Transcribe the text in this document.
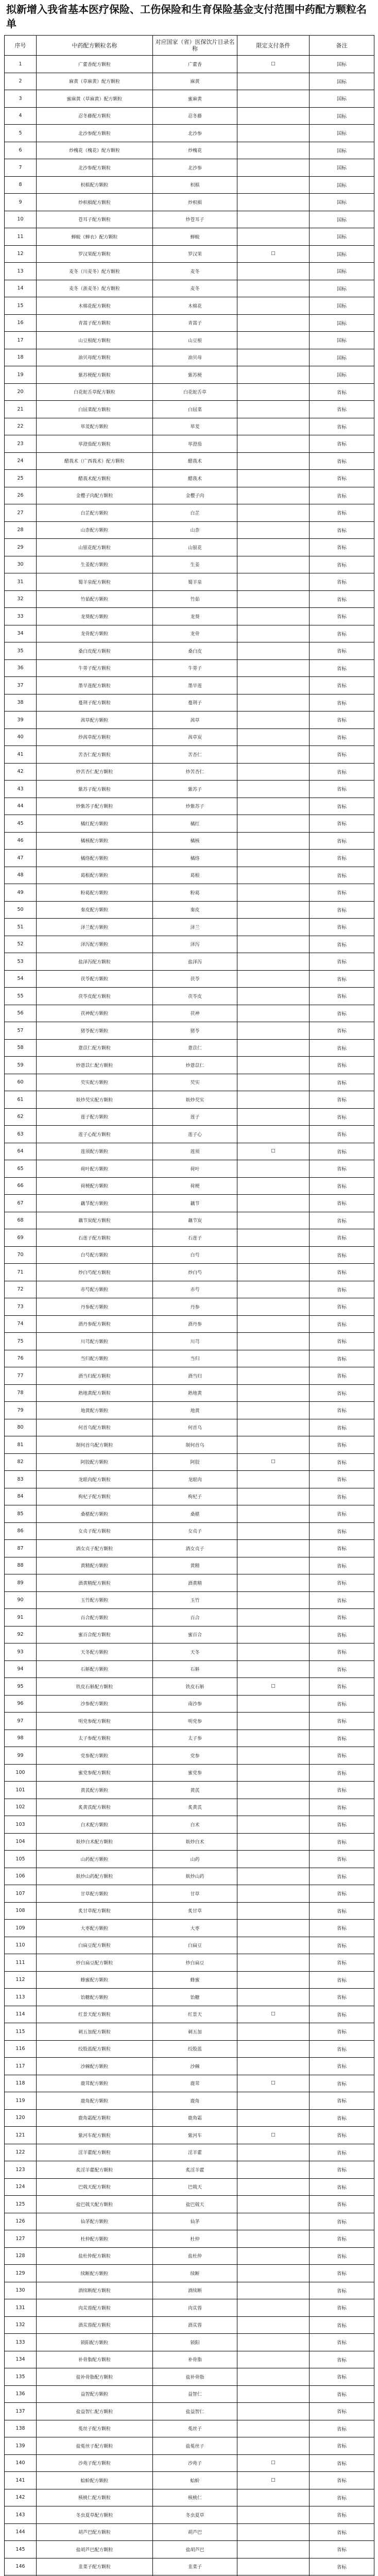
拟新增入我省基本医疗保险、工伤保险和生育保险基金支付范围中药配方颗粒名单
序号	中药配方颗粒名称	对应国家（省）医保饮片目录名称	限定支付条件	备注
1	广藿香配方颗粒	广藿香	☐	国标
2	麻黄（草麻黄）配方颗粒	麻黄		国标
3	蜜麻黄（草麻黄）配方颗粒	蜜麻黄		国标
4	忍冬藤配方颗粒	忍冬藤		国标
5	北沙参配方颗粒	北沙参		国标
6	炒槐花（槐花）配方颗粒	炒槐花		国标
7	北沙参配方颗粒	北沙参		国标
8	枳椇配方颗粒	枳椇		国标
9	炒枳椇配方颗粒	炒枳椇		国标
10	苍耳子配方颗粒	炒苍耳子		国标
11	蝉蜕（蝉衣）配方颗粒	蝉蜕		国标
12	罗汉果配方颗粒	罗汉果	☐	国标
13	麦冬（川麦冬）配方颗粒	麦冬		国标
14	麦冬（浙麦冬）配方颗粒	麦冬		国标
15	木棉花配方颗粒	木棉花		国标
16	青蒿子配方颗粒	青蒿子		国标
17	山豆根配方颗粒	山豆根		国标
18	油贝母配方颗粒	油贝母		国标
19	紫苏梗配方颗粒	紫苏梗		国标
20	白花蛇舌草配方颗粒	白花蛇舌草		省标
21	白屈菜配方颗粒	白屈菜		省标
22	荜茇配方颗粒	荜茇		省标
23	荜澄茄配方颗粒	荜澄茄		省标
24	醋莪术（广西莪术）配方颗粒	醋莪术		省标
25	醋莪术配方颗粒	醋莪术		省标
26	金樱子肉配方颗粒	金樱子肉		省标
27	白芷配方颗粒	白芷		省标
28	山柰配方颗粒	山柰		省标
29	山银花配方颗粒	山银花		省标
30	生姜配方颗粒	生姜		省标
31	蜀羊泉配方颗粒	蜀羊泉		省标
32	竹茹配方颗粒	竹茹		省标
33	龙葵配方颗粒	龙葵		省标
34	龙骨配方颗粒	龙骨		省标
35	桑白皮配方颗粒	桑白皮		省标
36	牛蒡子配方颗粒	牛蒡子		省标
37	墨旱莲配方颗粒	墨旱莲		省标
38	蔓荆子配方颗粒	蔓荆子		省标
39	茜草配方颗粒	茜草		省标
40	炒茜草配方颗粒	茜草炭		省标
41	苦杏仁配方颗粒	苦杏仁		省标
42	炒苦杏仁配方颗粒	炒苦杏仁		省标
43	紫苏子配方颗粒	紫苏子		省标
44	炒紫苏子配方颗粒	炒紫苏子		省标
45	橘红配方颗粒	橘红		省标
46	橘核配方颗粒	橘核		省标
47	橘络配方颗粒	橘络		省标
48	葛根配方颗粒	葛根		省标
49	粉葛配方颗粒	粉葛		省标
50	秦皮配方颗粒	秦皮		省标
51	泽兰配方颗粒	泽兰		省标
52	泽泻配方颗粒	泽泻		省标
53	盐泽泻配方颗粒	盐泽泻		省标
54	茯苓配方颗粒	茯苓		省标
55	茯苓皮配方颗粒	茯苓皮		省标
56	茯神配方颗粒	茯神		省标
57	猪苓配方颗粒	猪苓		省标
58	薏苡仁配方颗粒	薏苡仁		省标
59	炒薏苡仁配方颗粒	炒薏苡仁		省标
60	芡实配方颗粒	芡实		省标
61	麸炒芡实配方颗粒	麸炒芡实		省标
62	莲子配方颗粒	莲子		省标
63	莲子心配方颗粒	莲子心		省标
64	莲须配方颗粒	莲须	☐	省标
65	荷叶配方颗粒	荷叶		省标
66	荷梗配方颗粒	荷梗		省标
67	藕节配方颗粒	藕节		省标
68	藕节炭配方颗粒	藕节炭		省标
69	石莲子配方颗粒	石莲子		省标
70	白芍配方颗粒	白芍		省标
71	炒白芍配方颗粒	炒白芍		省标
72	赤芍配方颗粒	赤芍		省标
73	丹参配方颗粒	丹参		省标
74	酒丹参配方颗粒	酒丹参		省标
75	川芎配方颗粒	川芎		省标
76	当归配方颗粒	当归		省标
77	酒当归配方颗粒	酒当归		省标
78	熟地黄配方颗粒	熟地黄		省标
79	地黄配方颗粒	地黄		省标
80	何首乌配方颗粒	何首乌		省标
81	制何首乌配方颗粒	制何首乌		省标
82	阿胶配方颗粒	阿胶	☐	省标
83	龙眼肉配方颗粒	龙眼肉		省标
84	枸杞子配方颗粒	枸杞子		省标
85	桑椹配方颗粒	桑椹		省标
86	女贞子配方颗粒	女贞子		省标
87	酒女贞子配方颗粒	酒女贞子		省标
88	黄精配方颗粒	黄精		省标
89	酒黄精配方颗粒	酒黄精		省标
90	玉竹配方颗粒	玉竹		省标
91	百合配方颗粒	百合		省标
92	蜜百合配方颗粒	蜜百合		省标
93	天冬配方颗粒	天冬		省标
94	石斛配方颗粒	石斛		省标
95	铁皮石斛配方颗粒	铁皮石斛	☐	省标
96	沙参配方颗粒	南沙参		省标
97	明党参配方颗粒	明党参		省标
98	太子参配方颗粒	太子参		省标
99	党参配方颗粒	党参		省标
100	蜜党参配方颗粒	蜜党参		省标
101	黄芪配方颗粒	黄芪		省标
102	炙黄芪配方颗粒	炙黄芪		省标
103	白术配方颗粒	白术		省标
104	麸炒白术配方颗粒	麸炒白术		省标
105	山药配方颗粒	山药		省标
106	麸炒山药配方颗粒	麸炒山药		省标
107	甘草配方颗粒	甘草		省标
108	炙甘草配方颗粒	炙甘草		省标
109	大枣配方颗粒	大枣		省标
110	白扁豆配方颗粒	白扁豆		省标
111	炒白扁豆配方颗粒	炒白扁豆		省标
112	蜂蜜配方颗粒	蜂蜜		省标
113	饴糖配方颗粒	饴糖		省标
114	红景天配方颗粒	红景天	☐	省标
115	刺五加配方颗粒	刺五加		省标
116	绞股蓝配方颗粒	绞股蓝		省标
117	沙棘配方颗粒	沙棘		省标
118	鹿茸配方颗粒	鹿茸	☐	省标
119	鹿角配方颗粒	鹿角		省标
120	鹿角霜配方颗粒	鹿角霜		省标
121	紫河车配方颗粒	紫河车	☐	省标
122	淫羊藿配方颗粒	淫羊藿		省标
123	炙淫羊藿配方颗粒	炙淫羊藿		省标
124	巴戟天配方颗粒	巴戟天		省标
125	盐巴戟天配方颗粒	盐巴戟天		省标
126	仙茅配方颗粒	仙茅		省标
127	杜仲配方颗粒	杜仲		省标
128	盐杜仲配方颗粒	盐杜仲		省标
129	续断配方颗粒	续断		省标
130	酒续断配方颗粒	酒续断		省标
131	肉苁蓉配方颗粒	肉苁蓉		省标
132	酒苁蓉配方颗粒	酒苁蓉		省标
133	锁阳配方颗粒	锁阳		省标
134	补骨脂配方颗粒	补骨脂		省标
135	盐补骨脂配方颗粒	盐补骨脂		省标
136	益智配方颗粒	益智仁		省标
137	盐益智仁配方颗粒	盐益智仁		省标
138	菟丝子配方颗粒	菟丝子		省标
139	盐菟丝子配方颗粒	盐菟丝子		省标
140	沙苑子配方颗粒	沙苑子	☐	省标
141	蛤蚧配方颗粒	蛤蚧	☐	省标
142	核桃仁配方颗粒	核桃仁		省标
143	冬虫夏草配方颗粒	冬虫夏草		省标
144	胡芦巴配方颗粒	胡芦巴		省标
145	盐胡芦巴配方颗粒	盐胡芦巴		省标
146	韭菜子配方颗粒	韭菜子		省标
